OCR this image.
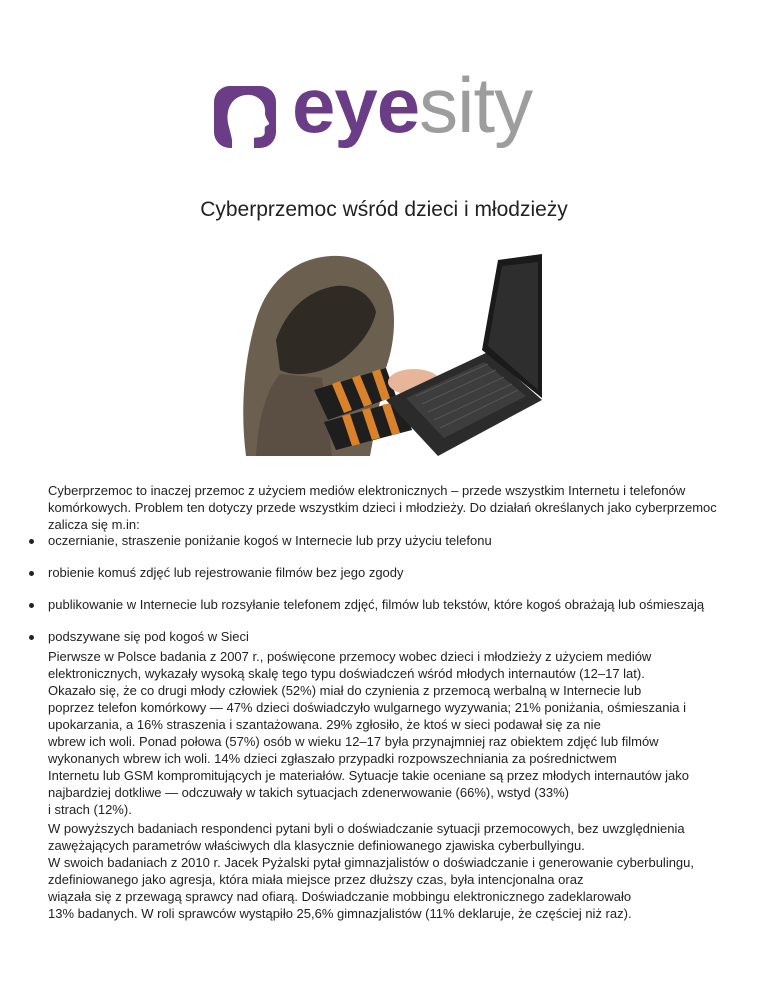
eyesity
Cyberprzemoc wśród dzieci i młodzieży

Cyberprzemoc to inaczej przemoc z użyciem mediów elektronicznych – przede wszystkim Internetu i telefonów komórkowych. Problem ten dotyczy przede wszystkim dzieci i młodzieży. Do działań określanych jako cyberprzemoc zalicza się m.in:

oczernianie, straszenie poniżanie kogoś w Internecie lub przy użyciu telefonu
robienie komuś zdjęć lub rejestrowanie filmów bez jego zgody
publikowanie w Internecie lub rozsyłanie telefonem zdjęć, filmów lub tekstów, które kogoś obrażają lub ośmieszają
podszywane się pod kogoś w Sieci

Pierwsze w Polsce badania z 2007 r., poświęcone przemocy wobec dzieci i młodzieży z użyciem mediów
elektronicznych, wykazały wysoką skalę tego typu doświadczeń wśród młodych internautów (12–17 lat).
Okazało się, że co drugi młody człowiek (52%) miał do czynienia z przemocą werbalną w Internecie lub
poprzez telefon komórkowy — 47% dzieci doświadczyło wulgarnego wyzywania; 21% poniżania, ośmieszania i
upokarzania, a 16% straszenia i szantażowana. 29% zgłosiło, że ktoś w sieci podawał się za nie
wbrew ich woli. Ponad połowa (57%) osób w wieku 12–17 była przynajmniej raz obiektem zdjęć lub filmów
wykonanych wbrew ich woli. 14% dzieci zgłaszało przypadki rozpowszechniania za pośrednictwem
Internetu lub GSM kompromitujących je materiałów. Sytuacje takie oceniane są przez młodych internautów jako
najbardziej dotkliwe — odczuwały w takich sytuacjach zdenerwowanie (66%), wstyd (33%)
i strach (12%).

W powyższych badaniach respondenci pytani byli o doświadczanie sytuacji przemocowych, bez uwzględnienia
zawężających parametrów właściwych dla klasycznie definiowanego zjawiska cyberbullyingu.
W swoich badaniach z 2010 r. Jacek Pyżalski pytał gimnazjalistów o doświadczanie i generowanie cyberbulingu,
zdefiniowanego jako agresja, która miała miejsce przez dłuższy czas, była intencjonalna oraz
wiązała się z przewagą sprawcy nad ofiarą. Doświadczanie mobbingu elektronicznego zadeklarowało
13% badanych. W roli sprawców wystąpiło 25,6% gimnazjalistów (11% deklaruje, że częściej niż raz).
